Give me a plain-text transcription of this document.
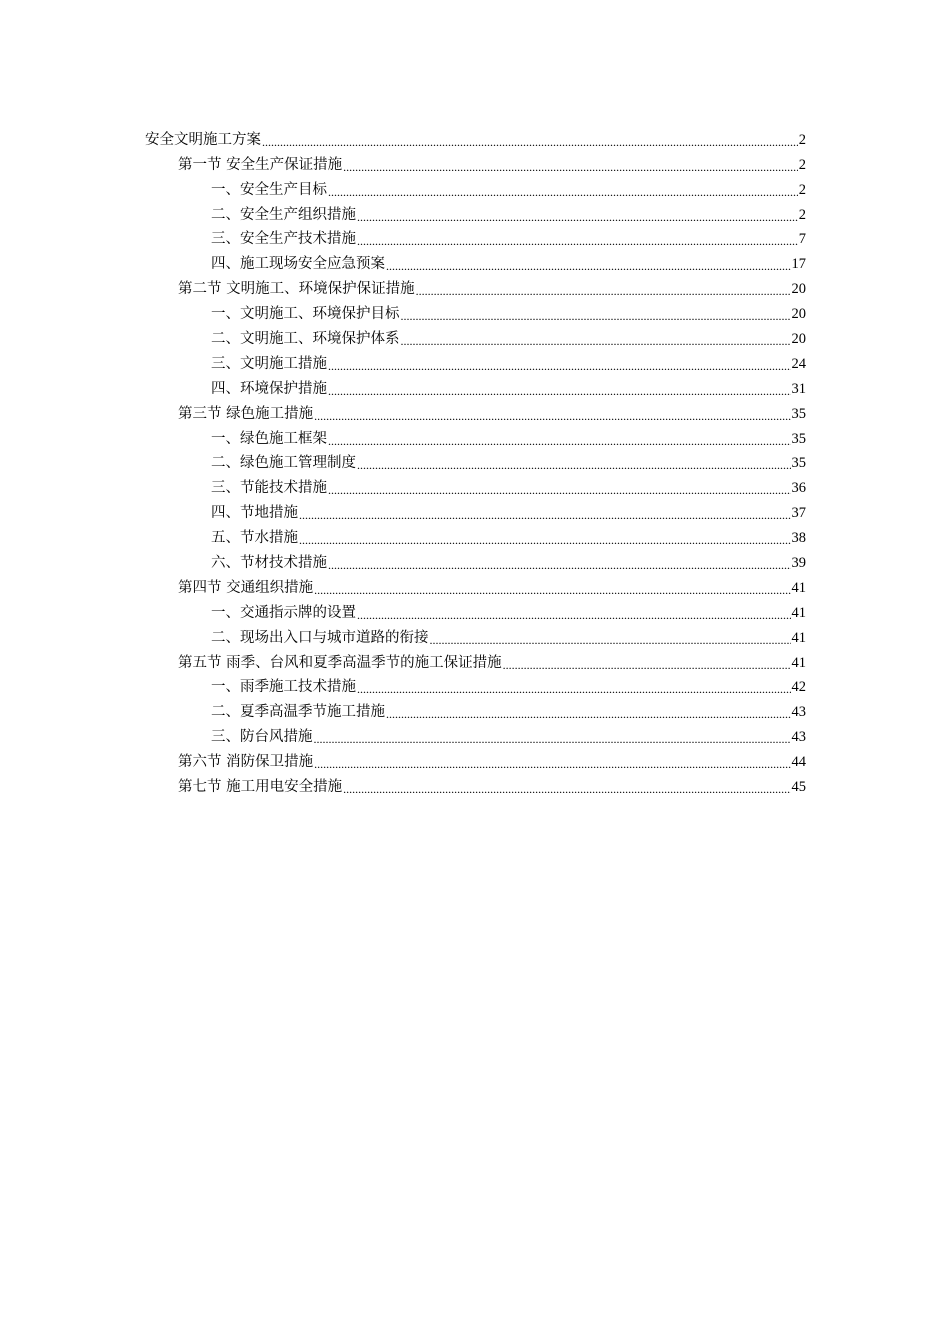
安全文明施工方案 .....	2
第一节 安全生产保证措施 .....	2
一、 安全生产目标 .....	2
二、 安全生产组织措施 .....	2
三、 安全生产技术措施 .....	7
四、 施工现场安全应急预案 .....	17
第二节 文明施工、环境保护保证措施 .....	20
一、 文明施工、环境保护目标 .....	20
二、 文明施工、环境保护体系 .....	20
三、 文明施工措施 .....	24
四、 环境保护措施 .....	31
第三节 绿色施工措施 .....	35
一、 绿色施工框架 .....	35
二、 绿色施工管理制度 .....	35
三、 节能技术措施 .....	36
四、 节地措施 .....	37
五、 节水措施 .....	38
六、 节材技术措施 .....	39
第四节 交通组织措施 .....	41
一、 交通指示牌的设置 .....	41
二、 现场出入口与城市道路的衔接 .....	41
第五节 雨季、台风和夏季高温季节的施工保证措施 .....	41
一、 雨季施工技术措施 .....	42
二、 夏季高温季节施工措施 .....	43
三、 防台风措施 .....	43
第六节 消防保卫措施 .....	44
第七节 施工用电安全措施 .....	45
